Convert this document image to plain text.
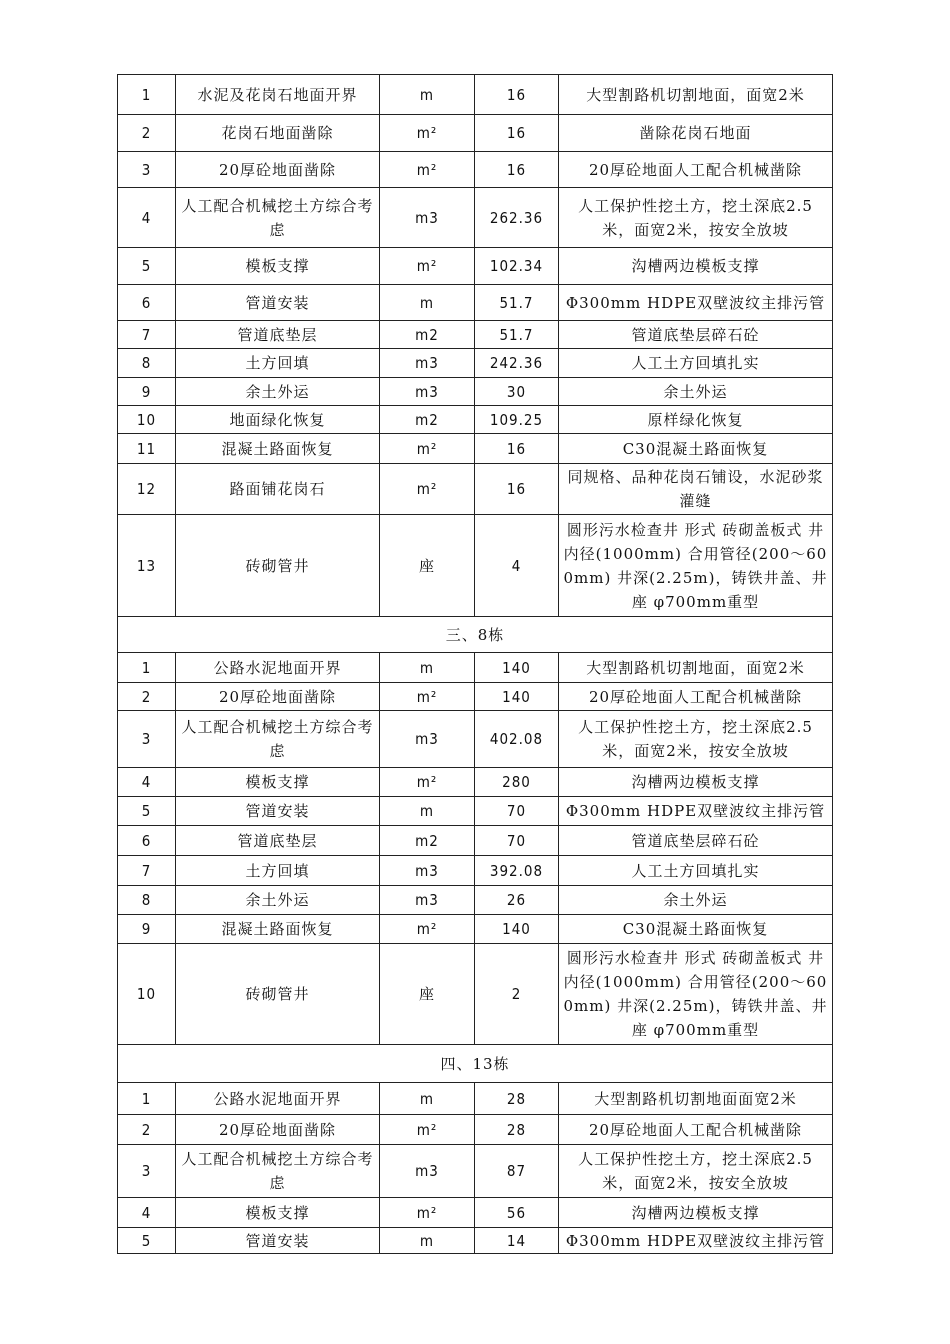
1	水泥及花岗石地面开界	m	16	大型割路机切割地面，面宽2米
2	花岗石地面凿除	m²	16	凿除花岗石地面
3	20厚砼地面凿除	m²	16	20厚砼地面人工配合机械凿除
4	人工配合机械挖土方综合考虑	m3	262.36	人工保护性挖土方，挖土深底2.5米，面宽2米，按安全放坡
5	模板支撑	m²	102.34	沟槽两边模板支撑
6	管道安装	m	51.7	Φ300mm HDPE双壁波纹主排污管
7	管道底垫层	m2	51.7	管道底垫层碎石砼
8	土方回填	m3	242.36	人工土方回填扎实
9	余土外运	m3	30	余土外运
10	地面绿化恢复	m2	109.25	原样绿化恢复
11	混凝土路面恢复	m²	16	C30混凝土路面恢复
12	路面铺花岗石	m²	16	同规格、品种花岗石铺设，水泥砂浆灌缝
13	砖砌管井	座	4	圆形污水检查井 形式 砖砌盖板式 井内径(1000mm) 合用管径(200～600mm) 井深(2.25m)，铸铁井盖、井座 φ700mm重型
三、8栋				
1	公路水泥地面开界	m	140	大型割路机切割地面，面宽2米
2	20厚砼地面凿除	m²	140	20厚砼地面人工配合机械凿除
3	人工配合机械挖土方综合考虑	m3	402.08	人工保护性挖土方，挖土深底2.5米，面宽2米，按安全放坡
4	模板支撑	m²	280	沟槽两边模板支撑
5	管道安装	m	70	Φ300mm HDPE双壁波纹主排污管
6	管道底垫层	m2	70	管道底垫层碎石砼
7	土方回填	m3	392.08	人工土方回填扎实
8	余土外运	m3	26	余土外运
9	混凝土路面恢复	m²	140	C30混凝土路面恢复
10	砖砌管井	座	2	圆形污水检查井 形式 砖砌盖板式 井内径(1000mm) 合用管径(200～600mm) 井深(2.25m)，铸铁井盖、井座 φ700mm重型
四、13栋				
1	公路水泥地面开界	m	28	大型割路机切割地面面宽2米
2	20厚砼地面凿除	m²	28	20厚砼地面人工配合机械凿除
3	人工配合机械挖土方综合考虑	m3	87	人工保护性挖土方，挖土深底2.5米，面宽2米，按安全放坡
4	模板支撑	m²	56	沟槽两边模板支撑
5	管道安装	m	14	Φ300mm HDPE双壁波纹主排污管
